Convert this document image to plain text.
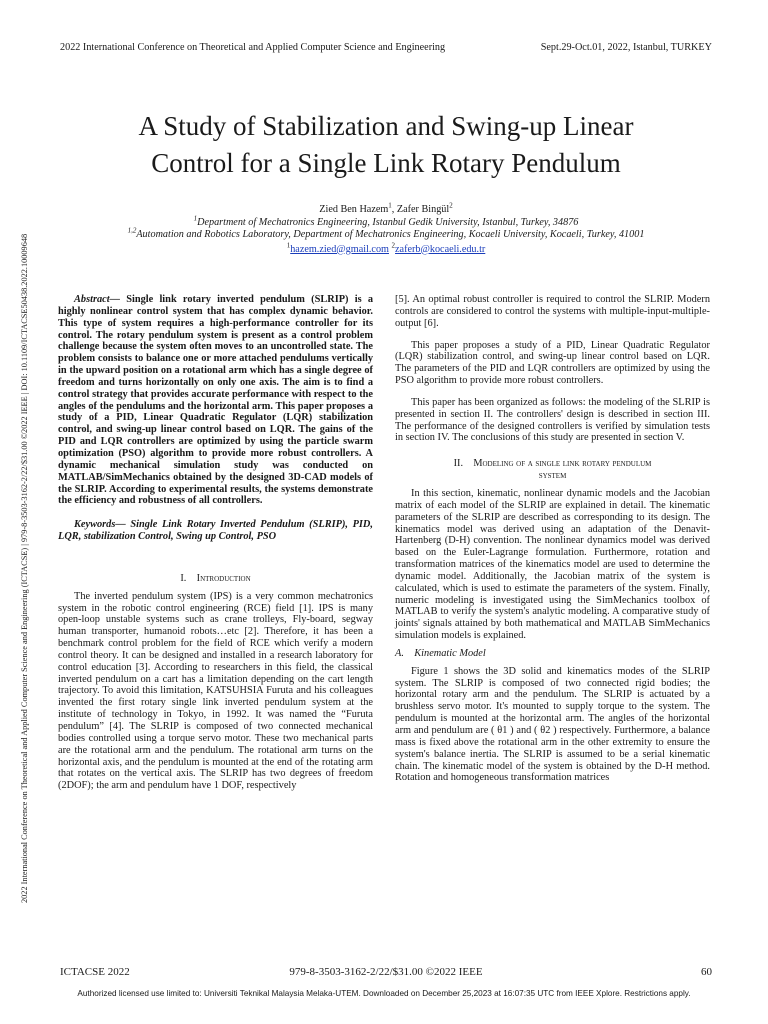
2022 International Conference on Theoretical and Applied Computer Science and Engineering	Sept.29-Oct.01, 2022, Istanbul, TURKEY
2022 International Conference on Theoretical and Applied Computer Science and Engineering (ICTACSE) | 979-8-3503-3162-2/22/$31.00 ©2022 IEEE | DOI: 10.1109/ICTACSE50438.2022.10009648
A Study of Stabilization and Swing-up Linear
Control for a Single Link Rotary Pendulum
Zied Ben Hazem$^1$, Zafer Bingül$^2$
$^1$Department of Mechatronics Engineering, Istanbul Gedik University, Istanbul, Turkey, 34876
$^{1,2}$Automation and Robotics Laboratory, Department of Mechatronics Engineering, Kocaeli University, Kocaeli, Turkey, 41001
$^1$hazem.zied@gmail.com $^2$zaferb@kocaeli.edu.tr

Abstract— Single link rotary inverted pendulum (SLRIP) is a highly nonlinear control system that has complex dynamic behavior. This type of system requires a high-performance controller for its control. The rotary pendulum system is present as a control problem challenge because the system often moves to an uncontrolled state. The problem consists to balance one or more attached pendulums vertically in the upward position on a rotational arm which has a single degree of freedom and turns horizontally on only one axis. The aim is to find a control strategy that provides accurate performance with respect to the angles of the pendulums and the horizontal arm. This paper proposes a study of a PID, Linear Quadratic Regulator (LQR) stabilization control, and swing-up linear control based on LQR. The gains of the PID and LQR controllers are optimized by using the particle swarm optimization (PSO) algorithm to provide more robust controllers. A dynamic mechanical simulation study was conducted on MATLAB/SimMechanics obtained by the designed 3D-CAD models of the SLRIP. According to experimental results, the systems demonstrate the efficiency and robustness of all controllers.

Keywords— Single Link Rotary Inverted Pendulum (SLRIP), PID, LQR, stabilization Control, Swing up Control, PSO

I. Introduction

The inverted pendulum system (IPS) is a very common mechatronics system in the robotic control engineering (RCE) field [1]. IPS is many open-loop unstable systems such as crane trolleys, Fly-board, segway human transporter, humanoid robots…etc [2]. Therefore, it has been a benchmark control problem for the field of RCE which verify a modern control theory. It can be designed and installed in a research laboratory for control education [3]. According to researchers in this field, the classical inverted pendulum on a cart has a limitation depending on the cart length trajectory. To avoid this limitation, KATSUHSIA Furuta and his colleagues invented the first rotary single link inverted pendulum system at the institute of technology in Tokyo, in 1992. It was named the “Furuta pendulum” [4]. The SLRIP is composed of two connected mechanical bodies controlled using a torque servo motor. These two mechanical parts are the rotational arm and the pendulum. The rotational arm turns on the horizontal axis, and the pendulum is mounted at the end of the rotating arm that rotates on the vertical axis. The SLRIP has two degrees of freedom (2DOF); the arm and pendulum have 1 DOF, respectively

[5]. An optimal robust controller is required to control the SLRIP. Modern controls are considered to control the systems with multiple-input-multiple-output [6].

This paper proposes a study of a PID, Linear Quadratic Regulator (LQR) stabilization control, and swing-up linear control based on LQR. The parameters of the PID and LQR controllers are optimized by using the PSO algorithm to provide more robust controllers.

This paper has been organized as follows: the modeling of the SLRIP is presented in section II. The controllers' design is described in section III. The performance of the designed controllers is verified by simulation tests in section IV. The conclusions of this study are presented in section V.

II. Modeling of a single link rotary pendulum

system

In this section, kinematic, nonlinear dynamic models and the Jacobian matrix of each model of the SLRIP are explained in detail. The kinematic parameters of the SLRIP are described as corresponding to its design. The kinematics model was derived using an adaptation of the Denavit-Hartenberg (D-H) convention. The nonlinear dynamics model was derived based on the Euler-Lagrange formulation. Furthermore, rotation and transformation matrices of the kinematics model are used to determine the dynamic model. Additionally, the Jacobian matrix of the system is calculated, which is used to estimate the parameters of the system. Finally, numeric modeling is investigated using the SimMechanics toolbox of MATLAB to verify the system's analytic modeling. A comparative study of joints' signals attained by both mathematical and MATLAB SimMechanics simulation models is explained.

A. Kinematic Model

Figure 1 shows the 3D solid and kinematics modes of the SLRIP system. The SLRIP is composed of two connected rigid bodies; the horizontal rotary arm and the pendulum. The SLRIP is actuated by a brushless servo motor. It's mounted to supply torque to the system. The pendulum is mounted at the horizontal arm. The angles of the horizontal arm and pendulum are ( θ1 ) and ( θ2 ) respectively. Furthermore, a balance mass is fixed above the rotational arm in the other extremity to ensure the system's balance inertia. The SLRIP is assumed to be a serial kinematic chain. The kinematic model of the system is obtained by the D-H method. Rotation and homogeneous transformation matrices

ICTACSE 2022	979-8-3503-3162-2/22/$31.00 ©2022 IEEE	60
Authorized licensed use limited to: Universiti Teknikal Malaysia Melaka-UTEM. Downloaded on December 25,2023 at 16:07:35 UTC from IEEE Xplore. Restrictions apply.
